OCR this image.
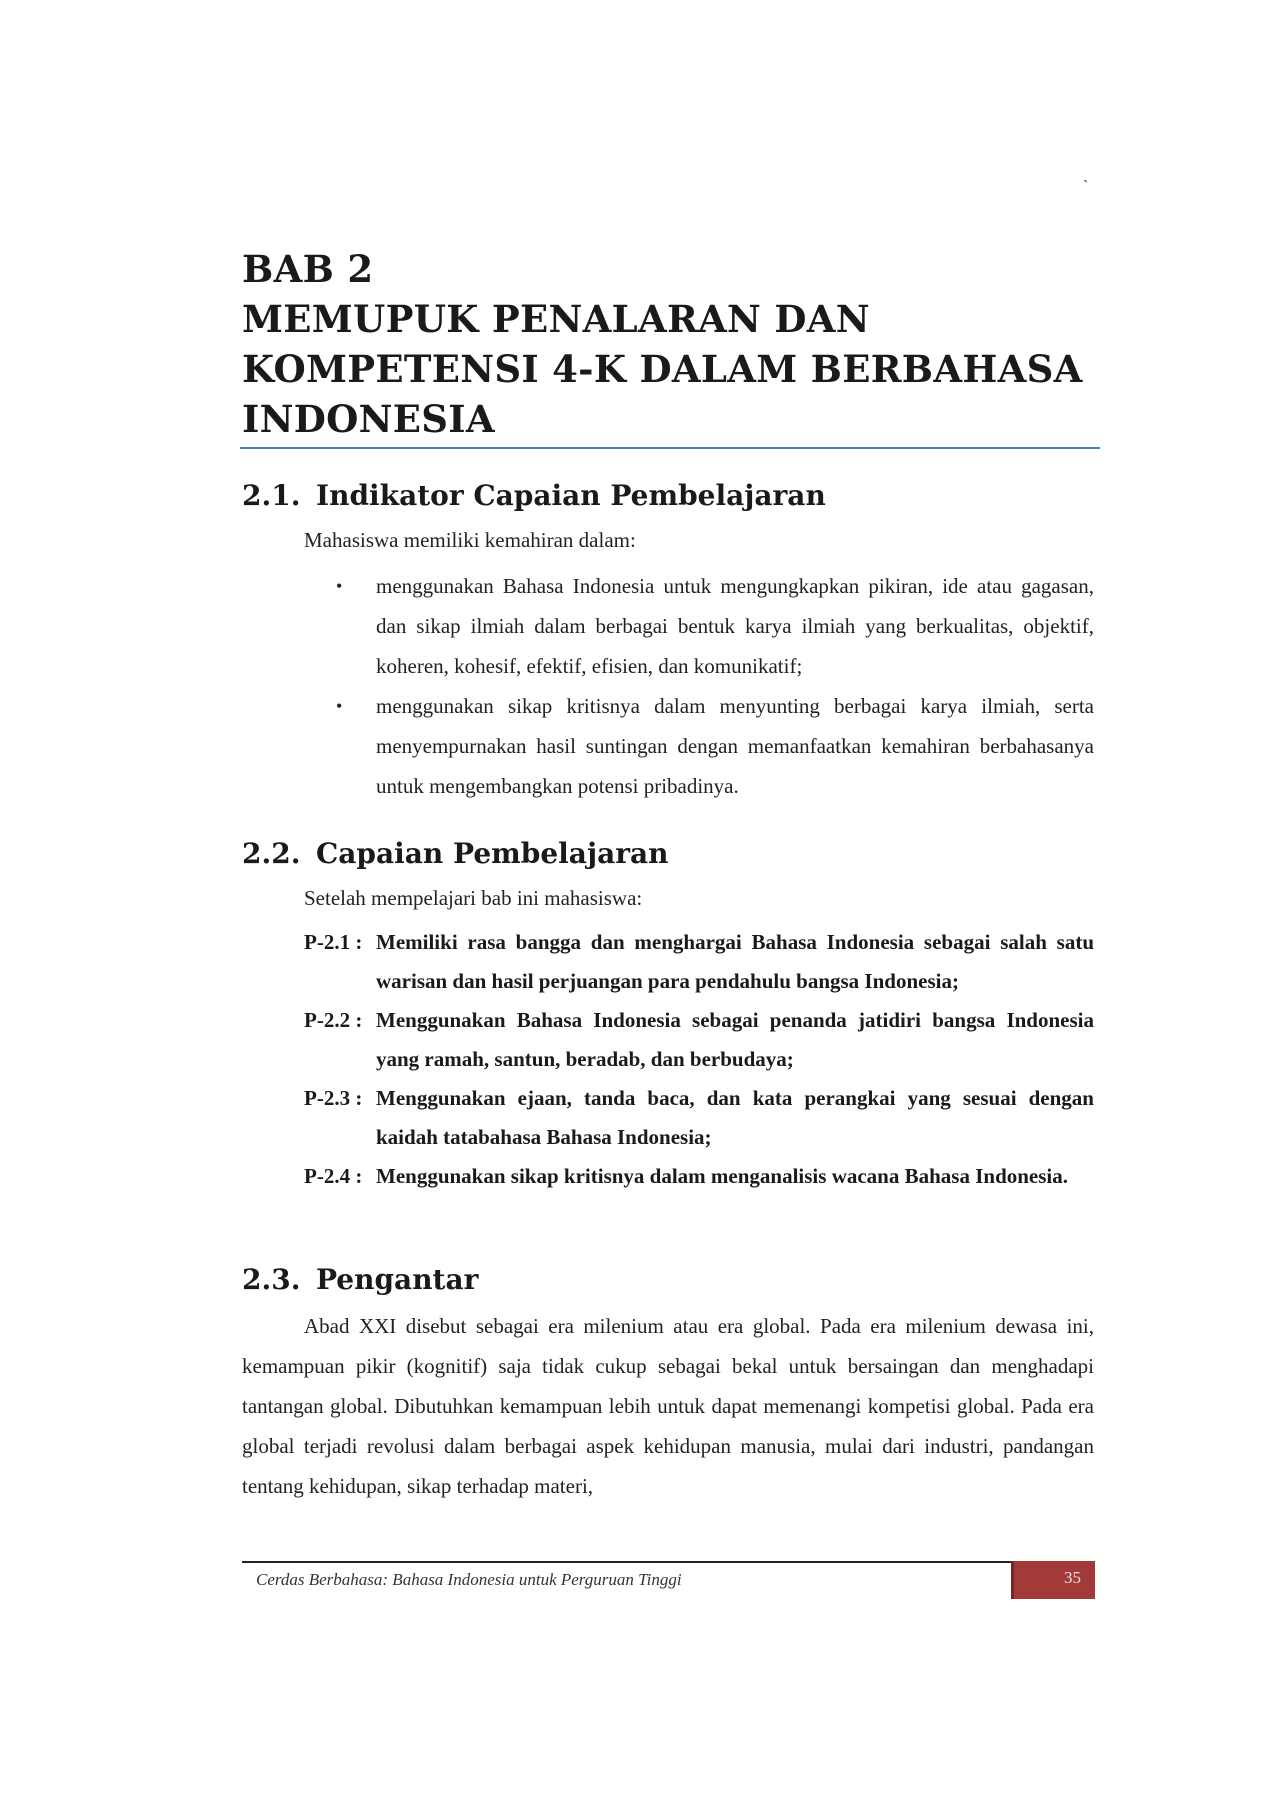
`
BAB 2
MEMUPUK PENALARAN DAN
KOMPETENSI 4-K DALAM BERBAHASA
INDONESIA
2.1. Indikator Capaian Pembelajaran
Mahasiswa memiliki kemahiran dalam:
• menggunakan Bahasa Indonesia untuk mengungkapkan pikiran, ide atau gagasan, dan sikap ilmiah dalam berbagai bentuk karya ilmiah yang berkualitas, objektif, koheren, kohesif, efektif, efisien, dan komunikatif;
• menggunakan sikap kritisnya dalam menyunting berbagai karya ilmiah, serta menyempurnakan hasil suntingan dengan memanfaatkan kemahiran berbahasanya untuk mengembangkan potensi pribadinya.
2.2. Capaian Pembelajaran
Setelah mempelajari bab ini mahasiswa:
P-2.1 : Memiliki rasa bangga dan menghargai Bahasa Indonesia sebagai salah satu warisan dan hasil perjuangan para pendahulu bangsa Indonesia;
P-2.2 : Menggunakan Bahasa Indonesia sebagai penanda jatidiri bangsa Indonesia yang ramah, santun, beradab, dan berbudaya;
P-2.3 : Menggunakan ejaan, tanda baca, dan kata perangkai yang sesuai dengan kaidah tatabahasa Bahasa Indonesia;
P-2.4 : Menggunakan sikap kritisnya dalam menganalisis wacana Bahasa Indonesia.
2.3. Pengantar
Abad XXI disebut sebagai era milenium atau era global. Pada era milenium dewasa ini, kemampuan pikir (kognitif) saja tidak cukup sebagai bekal untuk bersaingan dan menghadapi tantangan global. Dibutuhkan kemampuan lebih untuk dapat memenangi kompetisi global. Pada era global terjadi revolusi dalam berbagai aspek kehidupan manusia, mulai dari industri, pandangan tentang kehidupan, sikap terhadap materi,
Cerdas Berbahasa: Bahasa Indonesia untuk Perguruan Tinggi	35
